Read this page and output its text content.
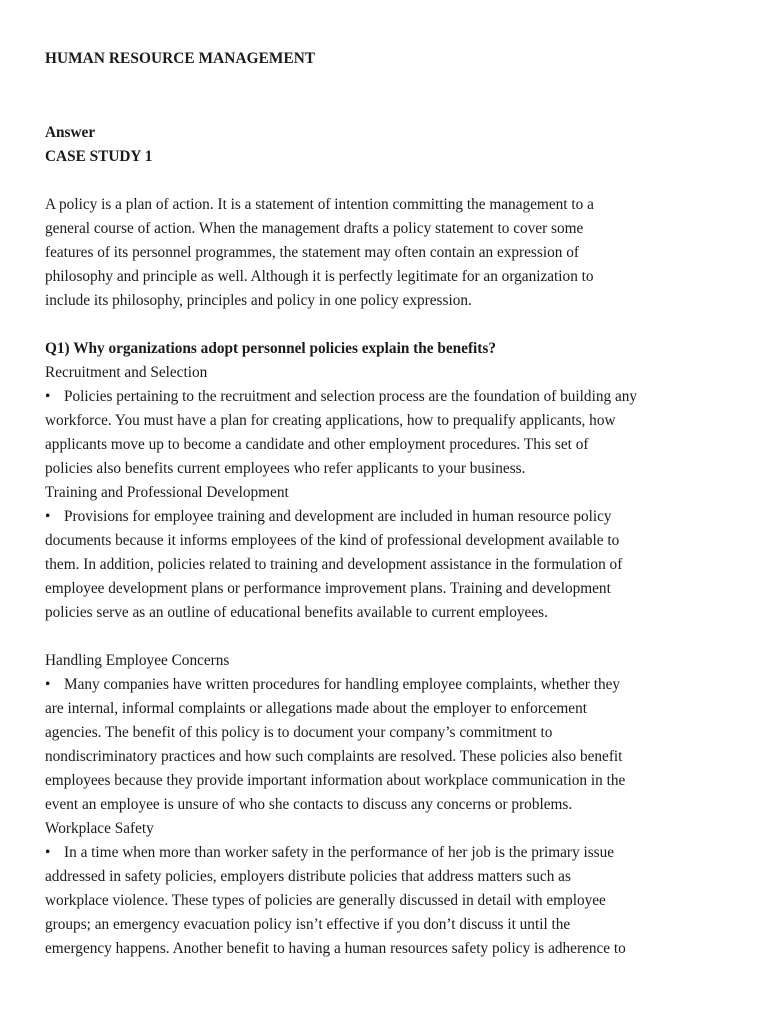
HUMAN RESOURCE MANAGEMENT
Answer
CASE STUDY 1
A policy is a plan of action. It is a statement of intention committing the management to a
general course of action. When the management drafts a policy statement to cover some
features of its personnel programmes, the statement may often contain an expression of
philosophy and principle as well. Although it is perfectly legitimate for an organization to
include its philosophy, principles and policy in one policy expression.
Q1) Why organizations adopt personnel policies explain the benefits?
Recruitment and Selection
• Policies pertaining to the recruitment and selection process are the foundation of building any
workforce. You must have a plan for creating applications, how to prequalify applicants, how
applicants move up to become a candidate and other employment procedures. This set of
policies also benefits current employees who refer applicants to your business.
Training and Professional Development
• Provisions for employee training and development are included in human resource policy
documents because it informs employees of the kind of professional development available to
them. In addition, policies related to training and development assistance in the formulation of
employee development plans or performance improvement plans. Training and development
policies serve as an outline of educational benefits available to current employees.
Handling Employee Concerns
• Many companies have written procedures for handling employee complaints, whether they
are internal, informal complaints or allegations made about the employer to enforcement
agencies. The benefit of this policy is to document your company’s commitment to
nondiscriminatory practices and how such complaints are resolved. These policies also benefit
employees because they provide important information about workplace communication in the
event an employee is unsure of who she contacts to discuss any concerns or problems.
Workplace Safety
• In a time when more than worker safety in the performance of her job is the primary issue
addressed in safety policies, employers distribute policies that address matters such as
workplace violence. These types of policies are generally discussed in detail with employee
groups; an emergency evacuation policy isn’t effective if you don’t discuss it until the
emergency happens. Another benefit to having a human resources safety policy is adherence to
